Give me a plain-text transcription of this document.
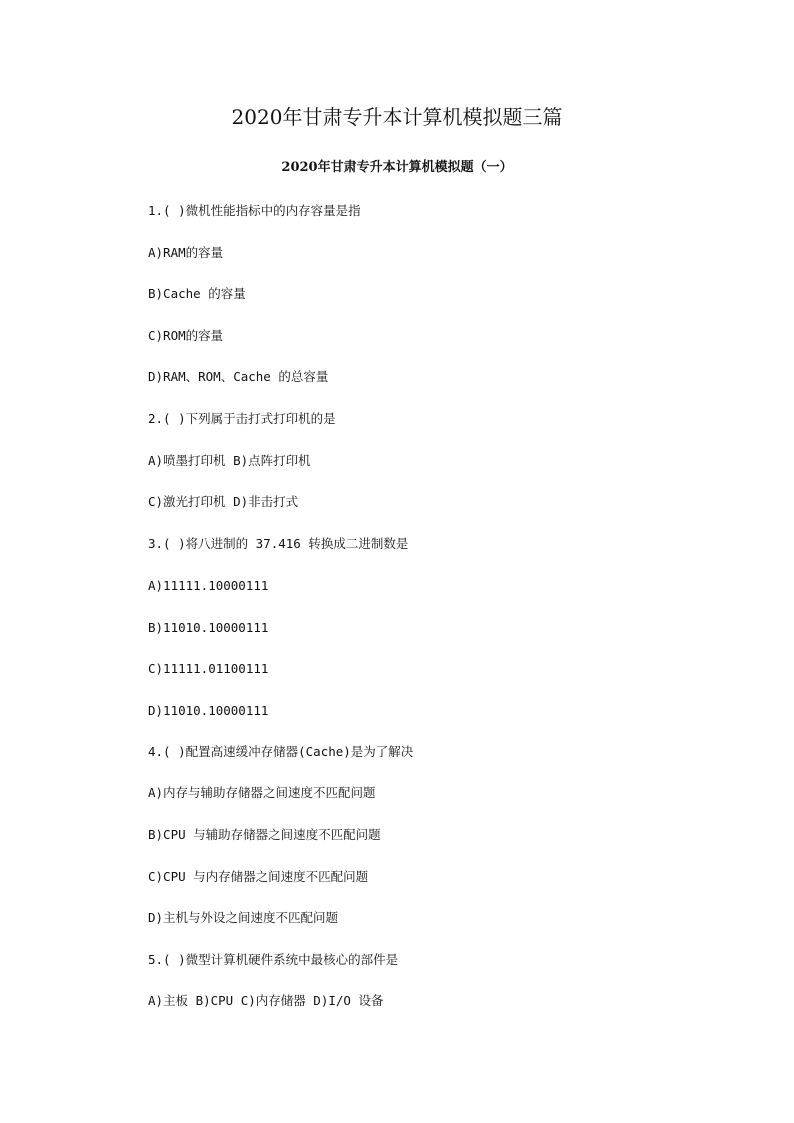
2020年甘肃专升本计算机模拟题三篇
2020年甘肃专升本计算机模拟题（一）

1.( )微机性能指标中的内存容量是指

A)RAM的容量

B)Cache 的容量

C)ROM的容量

D)RAM、ROM、Cache 的总容量

2.( )下列属于击打式打印机的是

A)喷墨打印机 B)点阵打印机

C)激光打印机 D)非击打式

3.( )将八进制的 37.416 转换成二进制数是

A)11111.10000111

B)11010.10000111

C)11111.01100111

D)11010.10000111

4.( )配置高速缓冲存储器(Cache)是为了解决

A)内存与辅助存储器之间速度不匹配问题

B)CPU 与辅助存储器之间速度不匹配问题

C)CPU 与内存储器之间速度不匹配问题

D)主机与外设之间速度不匹配问题

5.( )微型计算机硬件系统中最核心的部件是

A)主板 B)CPU C)内存储器 D)I/O 设备
